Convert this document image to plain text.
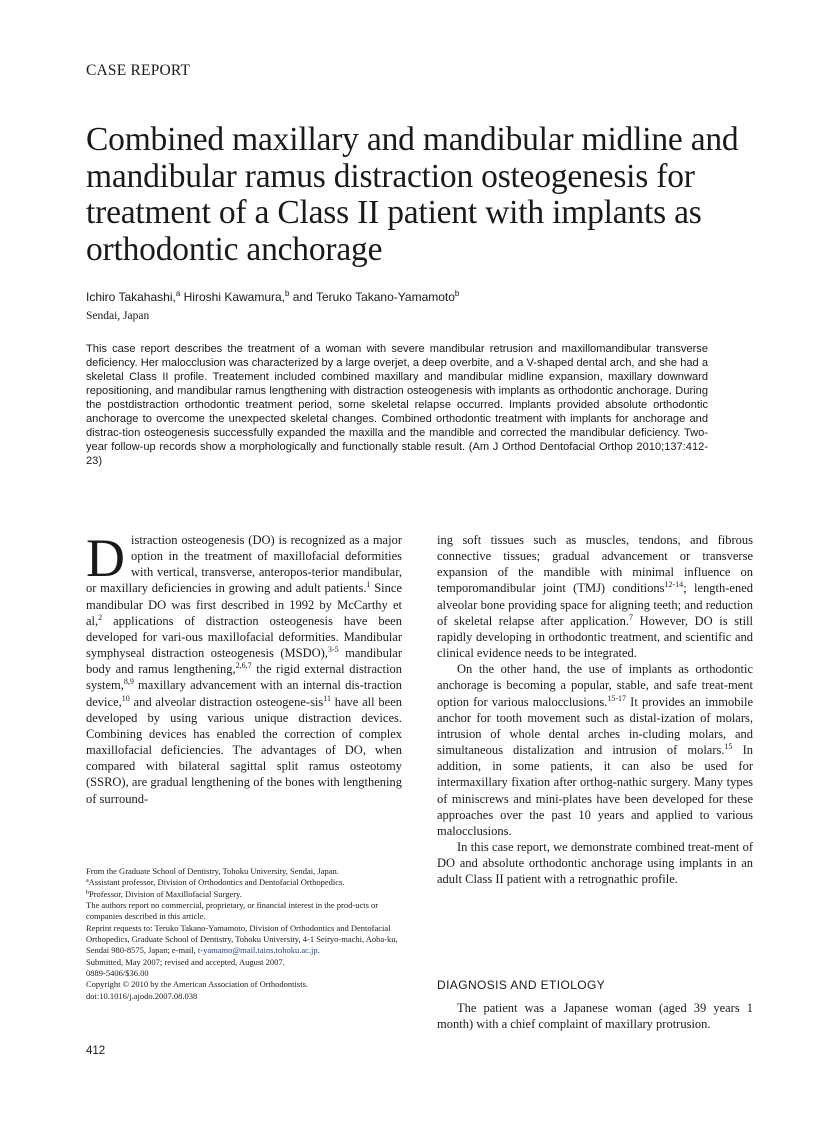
CASE REPORT
Combined maxillary and mandibular midline and mandibular ramus distraction osteogenesis for treatment of a Class II patient with implants as orthodontic anchorage
Ichiro Takahashi,$^a$ Hiroshi Kawamura,$^b$ and Teruko Takano-Yamamoto$^b$
Sendai, Japan

This case report describes the treatment of a woman with severe mandibular retrusion and maxillomandibular transverse deficiency. Her malocclusion was characterized by a large overjet, a deep overbite, and a V-shaped dental arch, and she had a skeletal Class II profile. Treatement included combined maxillary and mandibular midline expansion, maxillary downward repositioning, and mandibular ramus lengthening with distraction osteogenesis with implants as orthodontic anchorage. During the postdistraction orthodontic treatment period, some skeletal relapse occurred. Implants provided absolute orthodontic anchorage to overcome the unexpected skeletal changes. Combined orthodontic treatment with implants for anchorage and distrac-tion osteogenesis successfully expanded the maxilla and the mandible and corrected the mandibular deficiency. Two-year follow-up records show a morphologically and functionally stable result. (Am J Orthod Dentofacial Orthop 2010;137:412-23)

Distraction osteogenesis (DO) is recognized as a major option in the treatment of maxillofacial deformities with vertical, transverse, anteropos-terior mandibular, or maxillary deficiencies in growing and adult patients.$^1$ Since mandibular DO was first described in 1992 by McCarthy et al,$^2$ applications of distraction osteogenesis have been developed for vari-ous maxillofacial deformities. Mandibular symphyseal distraction osteogenesis (MSDO),$^{3-5}$ mandibular body and ramus lengthening,$^{2,6,7}$ the rigid external distraction system,$^{8,9}$ maxillary advancement with an internal dis-traction device,$^{10}$ and alveolar distraction osteogene-sis$^{11}$ have all been developed by using various unique distraction devices. Combining devices has enabled the correction of complex maxillofacial deficiencies. The advantages of DO, when compared with bilateral sagittal split ramus osteotomy (SSRO), are gradual lengthening of the bones with lengthening of surround-

ing soft tissues such as muscles, tendons, and fibrous connective tissues; gradual advancement or transverse expansion of the mandible with minimal influence on temporomandibular joint (TMJ) conditions$^{12-14}$; length-ened alveolar bone providing space for aligning teeth; and reduction of skeletal relapse after application.$^7$ However, DO is still rapidly developing in orthodontic treatment, and scientific and clinical evidence needs to be integrated.

On the other hand, the use of implants as orthodontic anchorage is becoming a popular, stable, and safe treat-ment option for various malocclusions.$^{15-17}$ It provides an immobile anchor for tooth movement such as distal-ization of molars, intrusion of whole dental arches in-cluding molars, and simultaneous distalization and intrusion of molars.$^{15}$ In addition, in some patients, it can also be used for intermaxillary fixation after orthog-nathic surgery. Many types of miniscrews and mini-plates have been developed for these approaches over the past 10 years and applied to various malocclusions.

In this case report, we demonstrate combined treat-ment of DO and absolute orthodontic anchorage using implants in an adult Class II patient with a retrognathic profile.

DIAGNOSIS AND ETIOLOGY

The patient was a Japanese woman (aged 39 years 1 month) with a chief complaint of maxillary protrusion.

From the Graduate School of Dentistry, Tohoku University, Sendai, Japan.
$^a$Assistant professor, Division of Orthodontics and Dentofacial Orthopedics.
$^b$Professor, Division of Maxillofacial Surgery.
The authors report no commercial, proprietary, or financial interest in the prod-ucts or companies described in this article.
Reprint requests to: Teruko Takano-Yamamoto, Division of Orthodontics and Dentofacial Orthopedics, Graduate School of Dentistry, Tohoku University, 4-1 Seiryo-machi, Aoba-ku, Sendai 980-8575, Japan; e-mail, t-yamamo@mail.tains.tohoku.ac.jp.
Submitted, May 2007; revised and accepted, August 2007.
0889-5406/$36.00
Copyright © 2010 by the American Association of Orthodontists.
doi:10.1016/j.ajodo.2007.08.038
412
